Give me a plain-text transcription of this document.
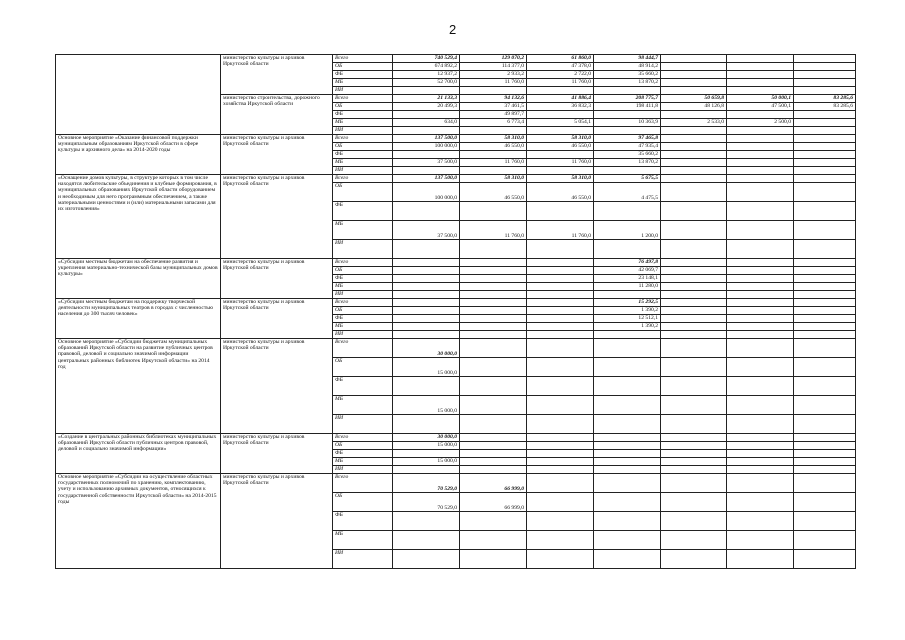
2
	министерство культуры и архивов Иркутской области	Всего	740 529,4	129 070,2	61 860,0	98 444,7			
		ОБ	674 892,2	114 377,0	47 378,0	48 914,2			
		ФБ	12 937,2	2 933,2	2 722,0	35 660,2			
		МБ	52 700,0	11 760,0	11 760,0	13 870,2			
		ИИ							
	министерство строительства, дорожного хозяйства Иркутской области	Всего	21 133,3	94 132,6	41 886,4	208 775,7	50 659,8	50 000,1	83 285,6
		ОБ	20 499,3	37 461,5	36 832,3	198 411,8	48 126,8	47 500,1	83 285,6
		ФБ		49 897,7					
		МБ	634,0	6 773,4	5 054,1	10 363,9	2 533,0	2 500,0	
		ИИ							
Основное мероприятие «Оказание финансовой поддержки муниципальным образованиям Иркутской области в сфере культуры и архивного дела» на 2014-2020 годы	министерство культуры и архивов Иркутской области	Всего	137 500,0	58 310,0	58 310,0	97 465,8			
		ОБ	100 000,0	46 550,0	46 550,0	47 935,4			
		ФБ				35 660,2			
		МБ	37 500,0	11 760,0	11 760,0	13 870,2			
		ИИ							
«Оснащение домов культуры, в структуре которых в том числе находятся любительские объединения и клубные формирования, в муниципальных образованиях Иркутской области оборудованием и необходимым для него программным обеспечением, а также материальными ценностями и (или) материальными запасами для их изготовления»	министерство культуры и архивов Иркутской области	Всего	137 500,0	58 310,0	58 310,0	5 675,5			
		ОБ	100 000,0	46 550,0	46 550,0	4 475,5			
		ФБ							
		МБ	37 500,0	11 760,0	11 760,0	1 200,0			
		ИИ							
«Субсидии местным бюджетам на обеспечение развития и укрепления материально-технической базы муниципальных домов культуры»	министерство культуры и архивов Иркутской области	Всего				76 497,8			
		ОБ				42 069,7			
		ФБ				23 148,1			
		МБ				11 280,0			
		ИИ							
«Субсидии местным бюджетам на поддержку творческой деятельности муниципальных театров в городах с численностью населения до 300 тысяч человек»	министерство культуры и архивов Иркутской области	Всего				15 292,5			
		ОБ				1 390,2			
		ФБ				12 512,1			
		МБ				1 390,2			
		ИИ							
Основное мероприятие «Субсидии бюджетам муниципальных образований Иркутской области на развитие публичных центров правовой, деловой и социально значимой информации центральных районных библиотек Иркутской области» на 2014 год	министерство культуры и архивов Иркутской области	Всего	30 000,0						
		ОБ	15 000,0						
		ФБ							
		МБ	15 000,0						
		ИИ							
«Создание в центральных районных библиотеках муниципальных образований Иркутской области публичных центров правовой, деловой и социально значимой информации»	министерство культуры и архивов Иркутской области	Всего	30 000,0						
		ОБ	15 000,0						
		ФБ							
		МБ	15 000,0						
		ИИ							
Основное мероприятие «Субсидии на осуществление областных государственных полномочий по хранению, комплектованию, учету и использованию архивных документов, относящихся к государственной собственности Иркутской области» на 2014-2015 годы	министерство культуры и архивов Иркутской области	Всего	70 529,0	66 999,0					
		ОБ	70 529,0	66 999,0					
		ФБ							
		МБ							
		ИИ							
